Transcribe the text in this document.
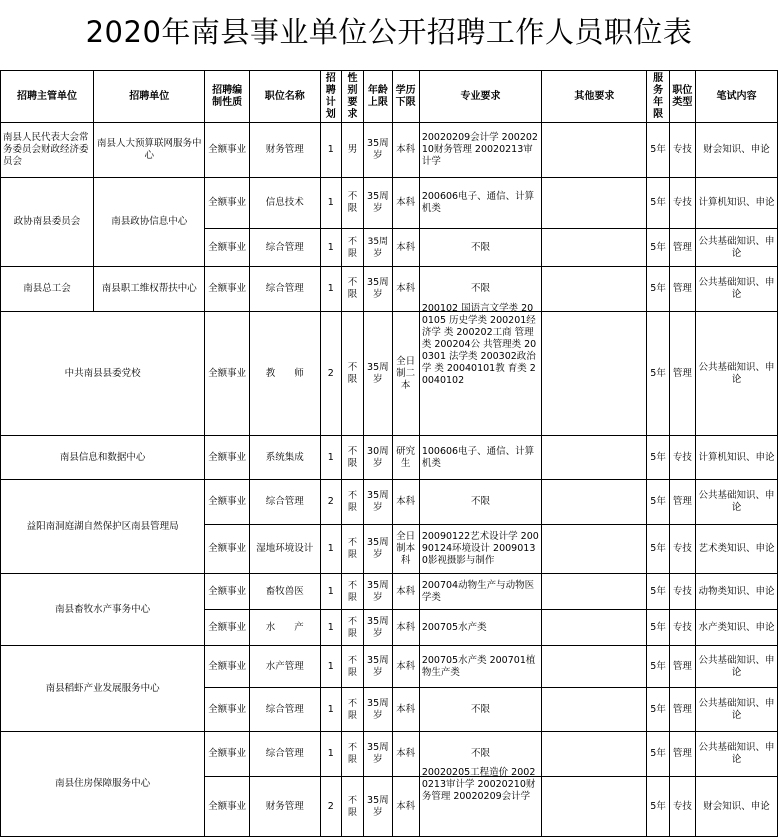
2020年南县事业单位公开招聘工作人员职位表
招聘主管单位	招聘单位	招聘编制性质	职位名称	招聘计划	性别要求	年龄上限	学历下限	专业要求	其他要求	服务年限	职位类型	笔试内容
南县人民代表大会常务委员会财政经济委员会	南县人大预算联网服务中心	全额事业	财务管理	1	男	35周岁	本科	20020209会计学 20020210财务管理 20020213审计学		5年	专技	财会知识、申论
政协南县委员会	南县政协信息中心	全额事业	信息技术	1	不限	35周岁	本科	200606电子、通信、计算机类		5年	专技	计算机知识、申论
		全额事业	综合管理	1	不限	35周岁	本科	不限		5年	管理	公共基础知识、申论
南县总工会	南县职工维权帮扶中心	全额事业	综合管理	1	不限	35周岁	本科	不限		5年	管理	公共基础知识、申论
中共南县县委党校		全额事业	教　　师	2	不限	35周岁	全日制二本	200102 国语言文学类 200105 历史学类 200201经济学 类 200202工商 管理类 200204公 共管理类 200301 法学类 200302政治学 类 20040101教 育类 20040102		5年	管理	公共基础知识、申论
南县信息和数据中心		全额事业	系统集成	1	不限	30周岁	研究生	100606电子、通信、计算机类		5年	专技	计算机知识、申论
益阳南洞庭湖自然保护区南县管理局		全额事业	综合管理	2	不限	35周岁	本科	不限		5年	管理	公共基础知识、申论
		全额事业	湿地环境设计	1	不限	35周岁	全日制本科	20090122艺术设计学 20090124环境设计 20090130影视摄影与制作		5年	专技	艺术类知识、申论
南县畜牧水产事务中心		全额事业	畜牧兽医	1	不限	35周岁	本科	200704动物生产与动物医学类		5年	专技	动物类知识、申论
		全额事业	水　　产	1	不限	35周岁	本科	200705水产类		5年	专技	水产类知识、申论
南县稻虾产业发展服务中心		全额事业	水产管理	1	不限	35周岁	本科	200705水产类 200701植物生产类		5年	管理	公共基础知识、申论
		全额事业	综合管理	1	不限	35周岁	本科	不限		5年	管理	公共基础知识、申论
南县住房保障服务中心		全额事业	综合管理	1	不限	35周岁	本科	不限		5年	管理	公共基础知识、申论
		全额事业	财务管理	2	不限	35周岁	本科	20020205工程造价 20020213审计学 20020210财务管理 20020209会计学		5年	专技	财会知识、申论
